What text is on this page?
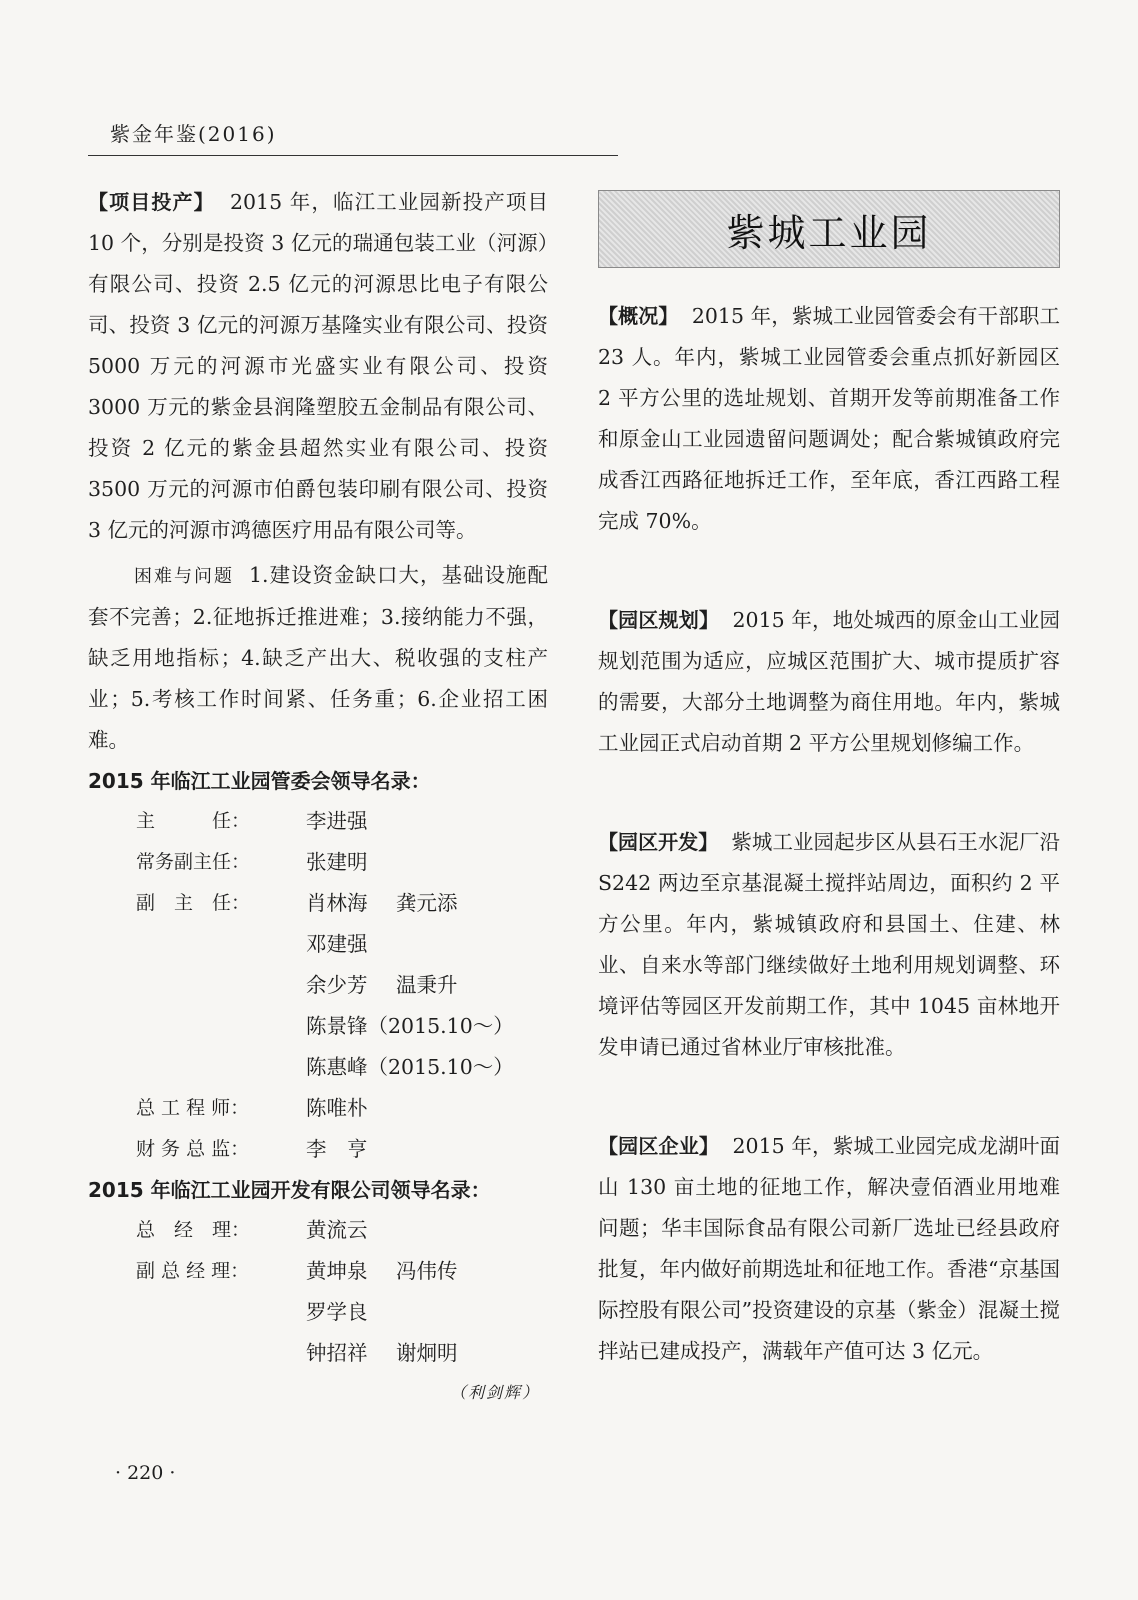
紫金年鉴(2016)

【项目投产】 2015 年，临江工业园新投产项目 10 个，分别是投资 3 亿元的瑞通包装工业（河源）有限公司、投资 2.5 亿元的河源思比电子有限公司、投资 3 亿元的河源万基隆实业有限公司、投资 5000 万元的河源市光盛实业有限公司、投资 3000 万元的紫金县润隆塑胶五金制品有限公司、投资 2 亿元的紫金县超然实业有限公司、投资 3500 万元的河源市伯爵包装印刷有限公司、投资 3 亿元的河源市鸿德医疗用品有限公司等。

困难与问题 1.建设资金缺口大，基础设施配套不完善；2.征地拆迁推进难；3.接纳能力不强，缺乏用地指标；4.缺乏产出大、税收强的支柱产业；5.考核工作时间紧、任务重；6.企业招工困难。

2015 年临江工业园管委会领导名录：
主　　　任：	李进强
常务副主任：	张建明
副　主　任：	肖林海	龚元添
邓建强
余少芳	温秉升
陈景锋（2015.10～）
陈惠峰（2015.10～）
总 工 程 师：	陈唯朴
财 务 总 监：	李　亨
2015 年临江工业园开发有限公司领导名录：
总　经　理：	黄流云
副 总 经 理：	黄坤泉	冯伟传
罗学良
钟招祥	谢炯明
（利剑辉）
紫城工业园

【概况】 2015 年，紫城工业园管委会有干部职工 23 人。年内，紫城工业园管委会重点抓好新园区 2 平方公里的选址规划、首期开发等前期准备工作和原金山工业园遗留问题调处；配合紫城镇政府完成香江西路征地拆迁工作，至年底，香江西路工程完成 70%。

【园区规划】 2015 年，地处城西的原金山工业园规划范围为适应，应城区范围扩大、城市提质扩容的需要，大部分土地调整为商住用地。年内，紫城工业园正式启动首期 2 平方公里规划修编工作。

【园区开发】 紫城工业园起步区从县石王水泥厂沿 S242 两边至京基混凝土搅拌站周边，面积约 2 平方公里。年内，紫城镇政府和县国土、住建、林业、自来水等部门继续做好土地利用规划调整、环境评估等园区开发前期工作，其中 1045 亩林地开发申请已通过省林业厅审核批准。

【园区企业】 2015 年，紫城工业园完成龙湖叶面山 130 亩土地的征地工作，解决壹佰酒业用地难问题；华丰国际食品有限公司新厂选址已经县政府批复，年内做好前期选址和征地工作。香港“京基国际控股有限公司”投资建设的京基（紫金）混凝土搅拌站已建成投产，满载年产值可达 3 亿元。

· 220 ·
